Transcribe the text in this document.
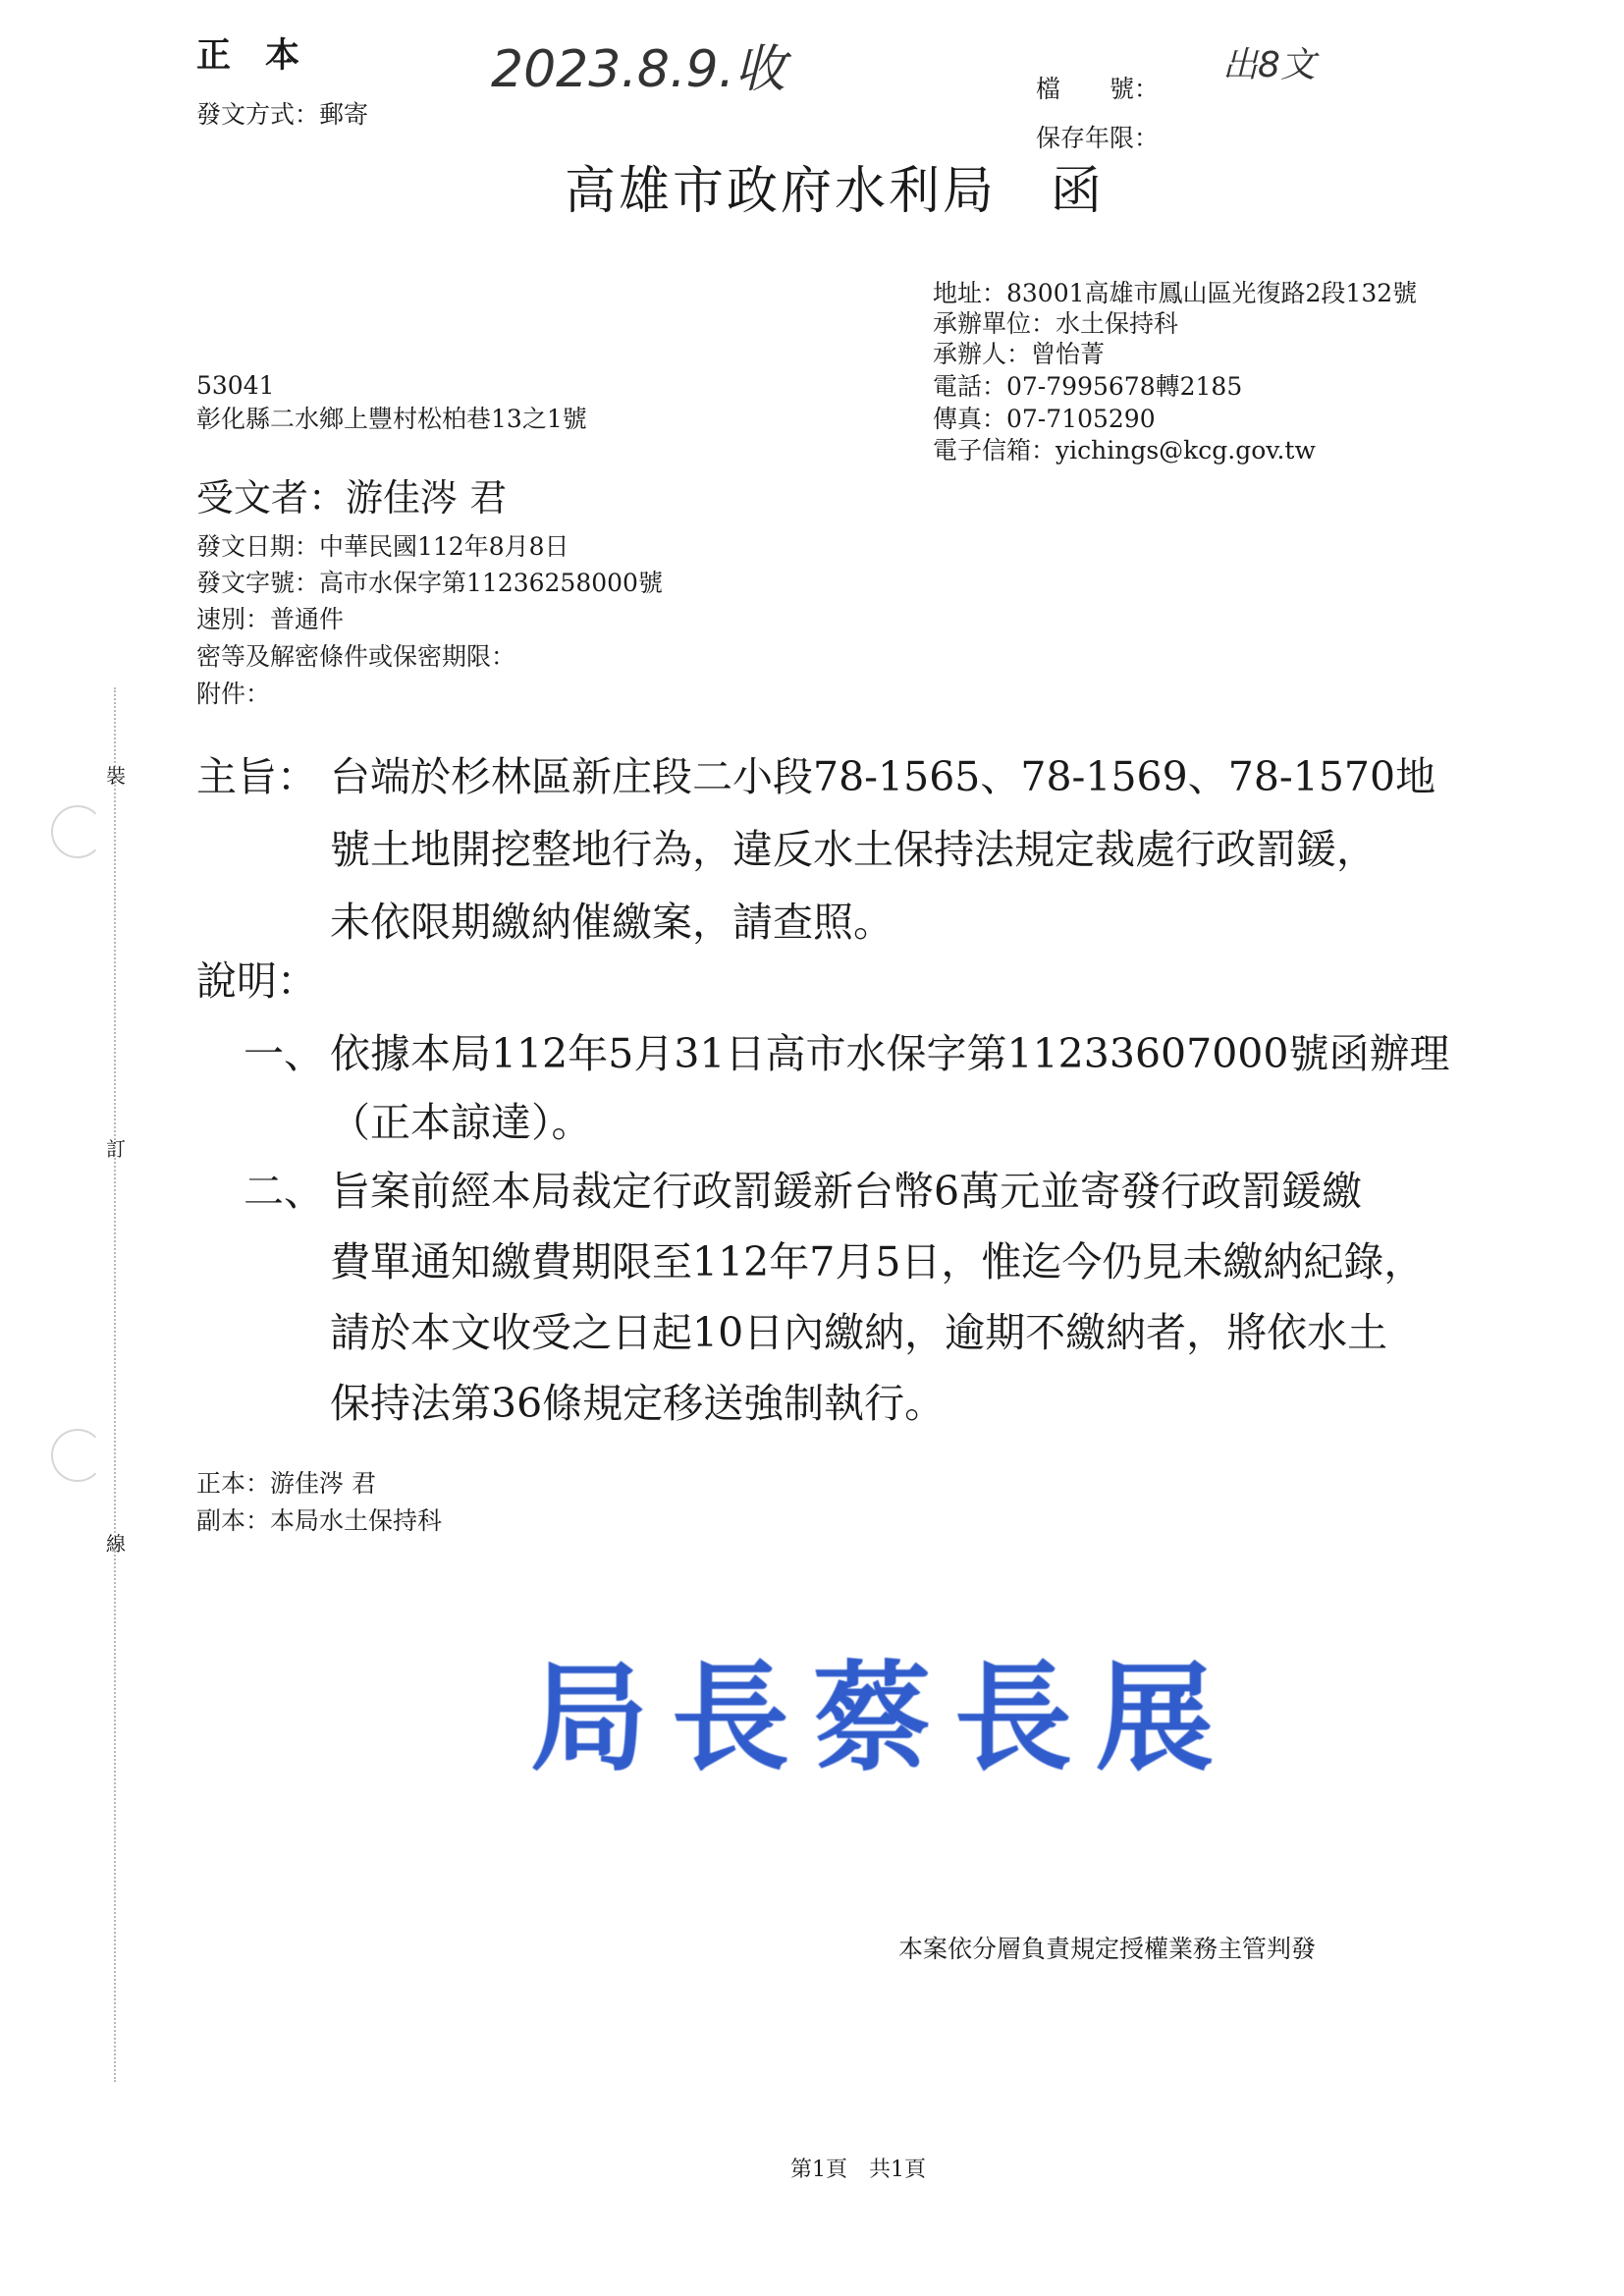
正　本	2023.8.9.收	出8文
發文方式：郵寄
檔　　號：
保存年限：
高雄市政府水利局　函
地址：83001高雄市鳳山區光復路2段132號
承辦單位：水土保持科
承辦人：曾怡菁
電話：07-7995678轉2185
傳真：07-7105290
電子信箱：yichings@kcg.gov.tw
53041
彰化縣二水鄉上豐村松柏巷13之1號
受文者：游佳涔 君
發文日期：中華民國112年8月8日
發文字號：高市水保字第11236258000號
速別：普通件
密等及解密條件或保密期限：
附件：
裝
訂
線
主旨： 台端於杉林區新庄段二小段78-1565、78-1569、78-1570地
號土地開挖整地行為，違反水土保持法規定裁處行政罰鍰，
未依限期繳納催繳案，請查照。
說明：
一、 依據本局112年5月31日高市水保字第11233607000號函辦理
（正本諒達）。
二、 旨案前經本局裁定行政罰鍰新台幣6萬元並寄發行政罰鍰繳
費單通知繳費期限至112年7月5日，惟迄今仍見未繳納紀錄，
請於本文收受之日起10日內繳納，逾期不繳納者，將依水土
保持法第36條規定移送強制執行。
正本：游佳涔 君
副本：本局水土保持科
局長蔡長展
本案依分層負責規定授權業務主管判發
第1頁　共1頁
